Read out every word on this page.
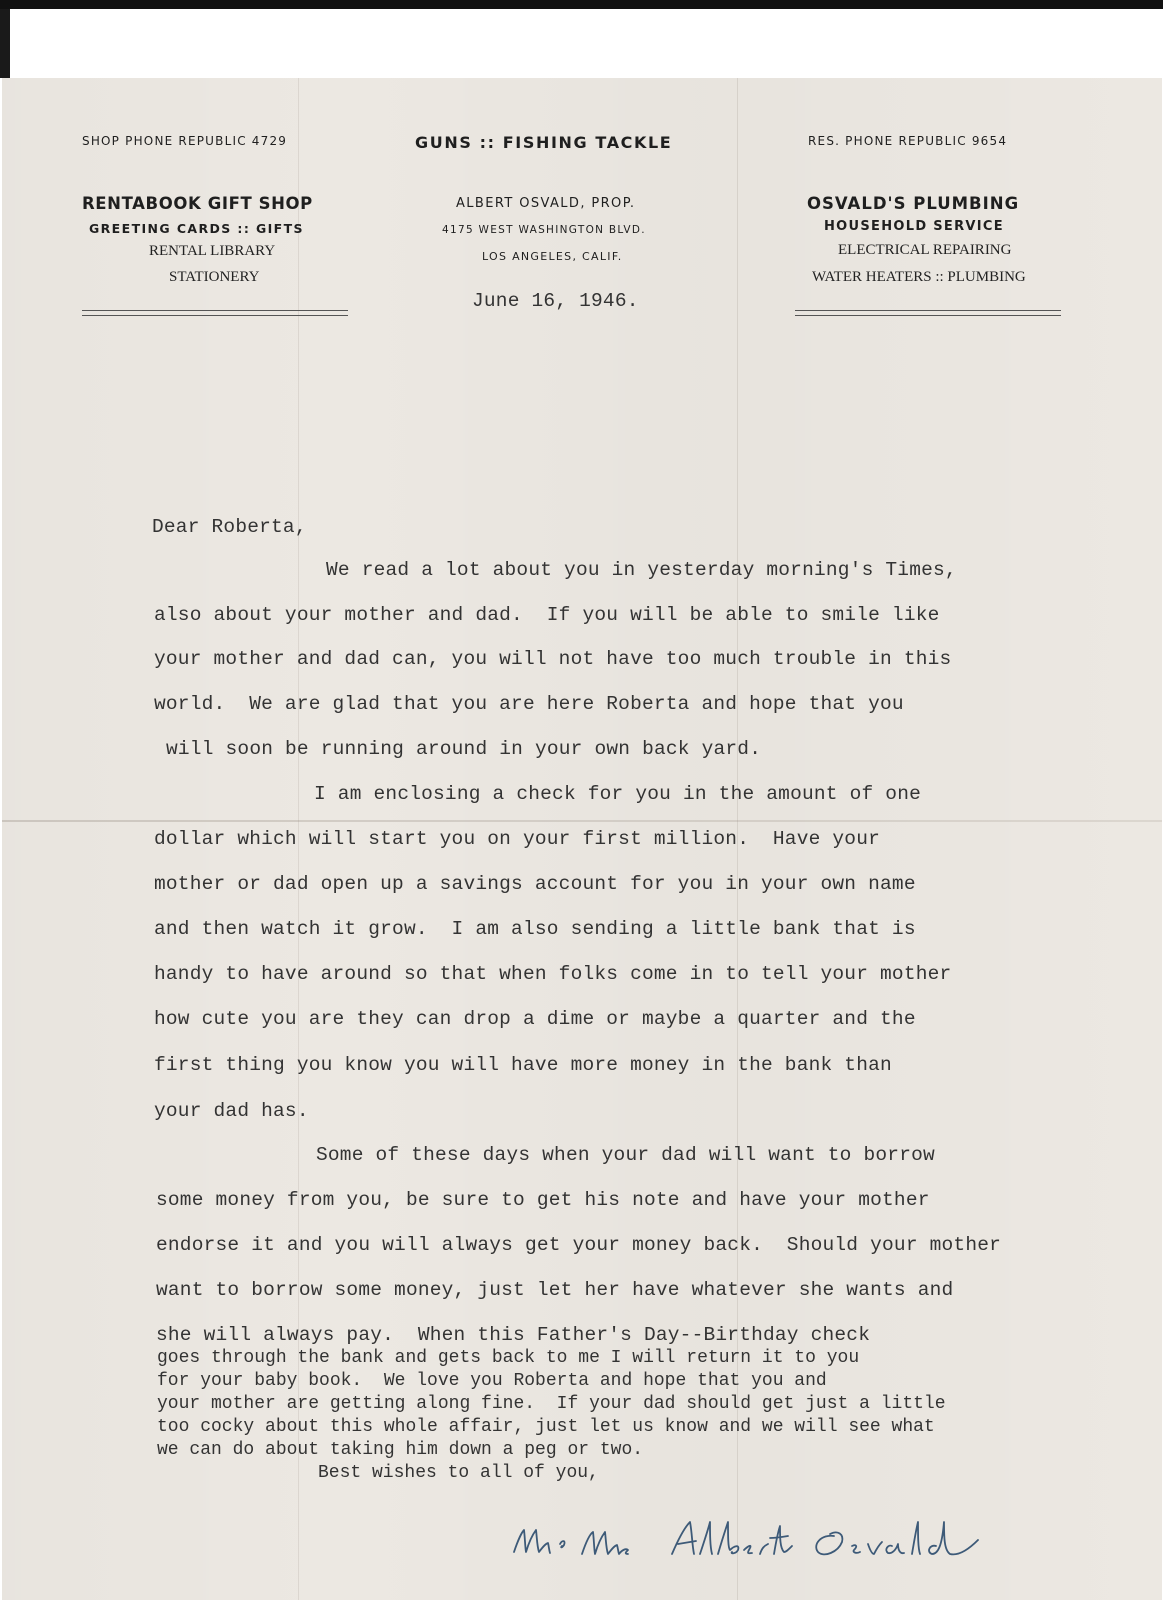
SHOP PHONE REPUBLIC 4729
RENTABOOK GIFT SHOP
GREETING CARDS :: GIFTS
RENTAL LIBRARY
STATIONERY
GUNS :: FISHING TACKLE
ALBERT OSVALD, PROP.
4175 WEST WASHINGTON BLVD.
LOS ANGELES, CALIF.
RES. PHONE REPUBLIC 9654
OSVALD'S PLUMBING
HOUSEHOLD SERVICE
ELECTRICAL REPAIRING
WATER HEATERS :: PLUMBING
June 16, 1946.
Dear Roberta,
We read a lot about you in yesterday morning's Times,
also about your mother and dad.  If you will be able to smile like
your mother and dad can, you will not have too much trouble in this
world.  We are glad that you are here Roberta and hope that you
will soon be running around in your own back yard.
I am enclosing a check for you in the amount of one
dollar which will start you on your first million.  Have your
mother or dad open up a savings account for you in your own name
and then watch it grow.  I am also sending a little bank that is
handy to have around so that when folks come in to tell your mother
how cute you are they can drop a dime or maybe a quarter and the
first thing you know you will have more money in the bank than
your dad has.
Some of these days when your dad will want to borrow
some money from you, be sure to get his note and have your mother
endorse it and you will always get your money back.  Should your mother
want to borrow some money, just let her have whatever she wants and
she will always pay.  When this Father's Day--Birthday check
goes through the bank and gets back to me I will return it to you
for your baby book.  We love you Roberta and hope that you and
your mother are getting along fine.  If your dad should get just a little
too cocky about this whole affair, just let us know and we will see what
we can do about taking him down a peg or two.
Best wishes to all of you,
